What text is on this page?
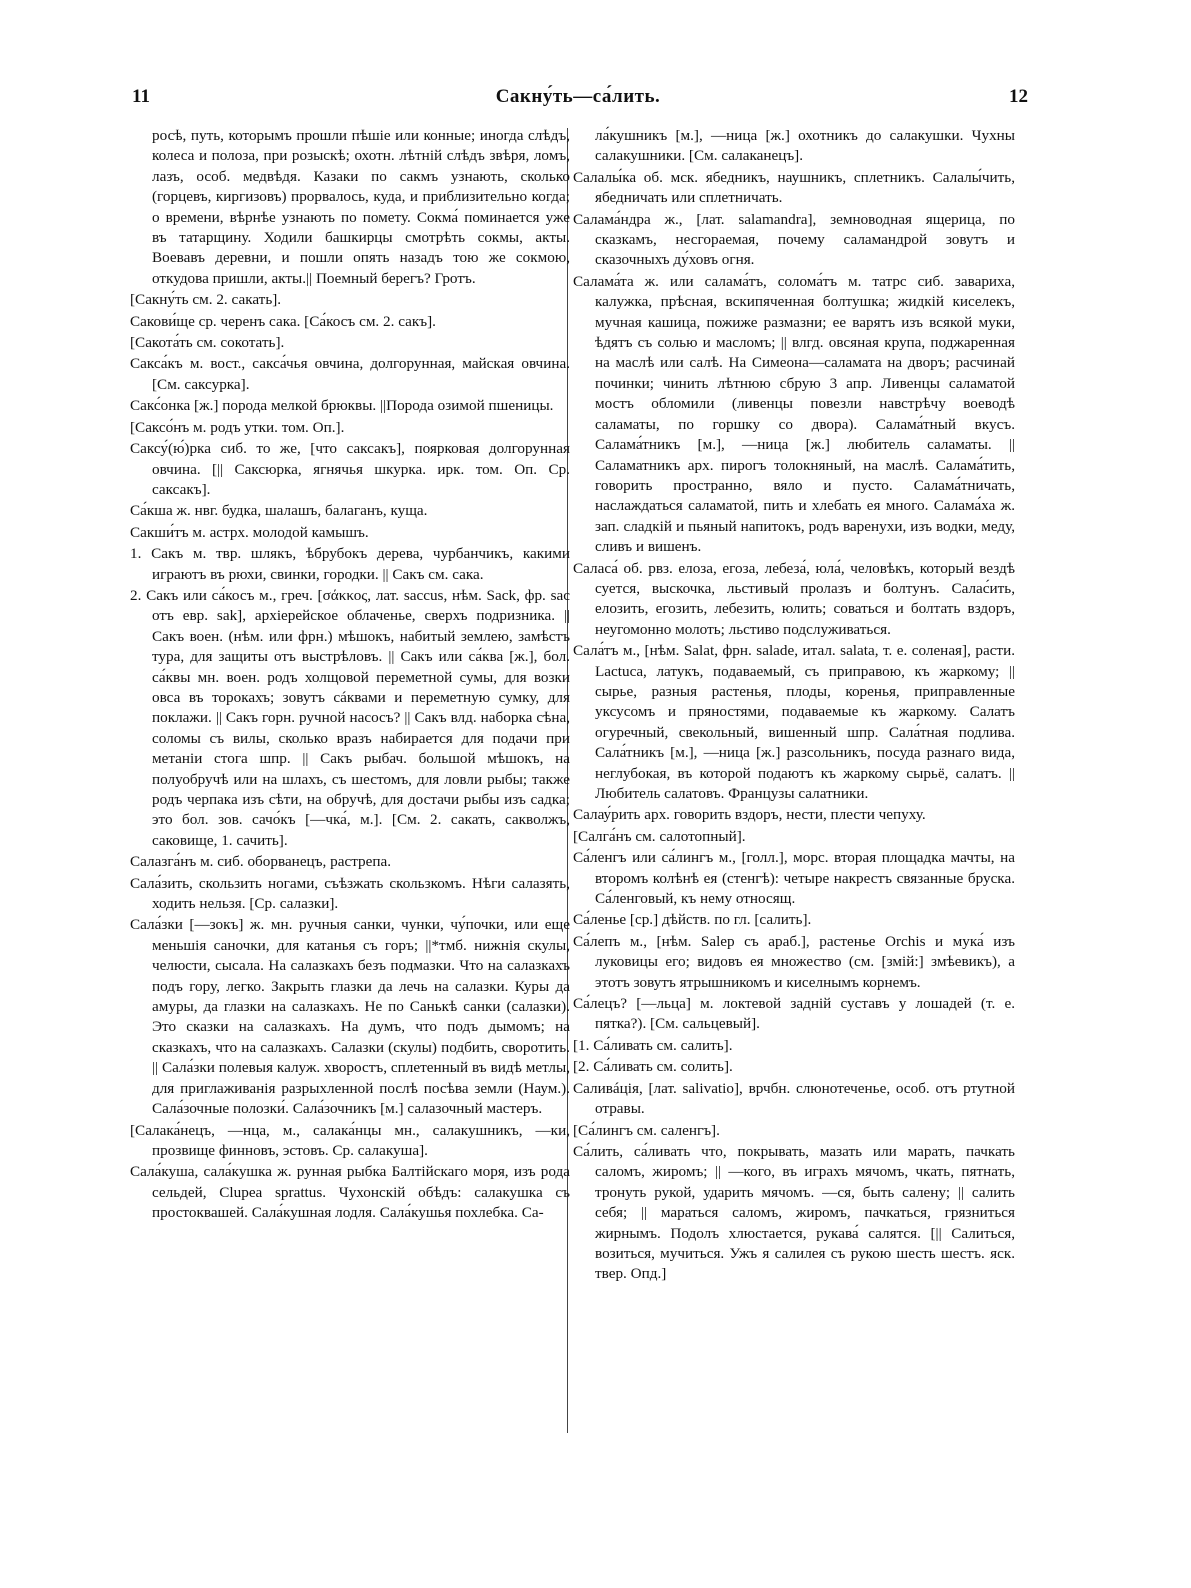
11	Сакну́ть—са́лить.	12

росѣ, путь, которымъ прошли пѣшіе или конные; иногда слѣдъ, колеса и полоза, при розыскѣ; охотн. лѣтній слѣдъ звѣря, ломъ, лазъ, особ. медвѣдя. Казаки по сакмъ узнають, сколько (горцевъ, киргизовъ) прорвалось, куда, и приблизительно когда; о времени, вѣрнѣе узнають по помету. Сокма́ поминается уже въ татарщину. Ходили башкирцы смотрѣть сокмы, акты. Воевавъ деревни, и пошли опять назадъ тою же сокмою, откудова пришли, акты.|| Поемный берегъ? Гротъ.

[Сакну́ть см. 2. сакать].

Сакови́ще ср. черенъ сака. [Са́косъ см. 2. сакъ].

[Сакота́ть см. сокотать].

Сакса́къ м. вост., сакса́чья овчина, долгорунная, майская овчина. [См. саксурка].

Сакс́онка [ж.] порода мелкой брюквы. ||Порода озимой пшеницы.

[Саксо́нъ м. родъ утки. том. Оп.].

Саксу́(ю́)рка сиб. то же, [что саксакъ], поярковая долгорунная овчина. [|| Саксюрка, ягнячья шкурка. ирк. том. Оп. Ср. саксакъ].

Са́кша ж. нвг. будка, шалашъ, балаганъ, куща.

Сакши́тъ м. астрх. молодой камышъ.

1. Сакъ м. твр. шлякъ, ѣбрубокъ дерева, чурбанчикъ, какими играютъ въ рюхи, свинки, городки. || Сакъ см. сака.

2. Сакъ или са́косъ м., греч. [σάκκος, лат. saccus, нѣм. Sack, фр. sac отъ евр. sak], архіерейское облаченье, сверхъ подризника. || Сакъ воен. (нѣм. или фрн.) мѣшокъ, набитый землею, замѣстъ тура, для защиты отъ выстрѣловъ. || Сакъ или са́ква [ж.], бол. са́квы мн. воен. родъ холщовой переметной сумы, для возки овса въ торокахъ; зовутъ сáквами и переметную сумку, для поклажи. || Сакъ горн. ручной насосъ? || Сакъ влд. наборка сѣна, соломы съ вилы, сколько вразъ набирается для подачи при метаніи стога шпр. || Сакъ рыбач. большой мѣшокъ, на полуобручѣ или на шлахъ, съ шестомъ, для ловли рыбы; также родъ черпака изъ сѣти, на обручѣ, для достачи рыбы изъ садка; это бол. зов. сачо́къ [—чка́, м.]. [См. 2. сакать, сакволжъ, саковище, 1. сачить].

Салазга́нъ м. сиб. оборванецъ, растрепа.

Сала́зить, скользить ногами, съѣзжать скользкомъ. Нѣги салазять, ходить нельзя. [Ср. салазки].

Сала́зки [—зокъ] ж. мн. ручныя санки, чунки, чу́почки, или еще меньшія саночки, для катанья съ горъ; ||*тмб. нижнія скулы, челюсти, сысала. На салазкахъ безъ подмазки. Что на салазкахъ подъ гору, легко. Закрыть глазки да лечь на салазки. Куры да амуры, да глазки на салазкахъ. Не по Санькѣ санки (салазки). Это сказки на салазкахъ. На думъ, что подъ дымомъ; на сказкахъ, что на салазкахъ. Салазки (скулы) подбить, своротить. || Сала́зки полевыя калуж. хворостъ, сплетенный въ видѣ метлы, для приглаживанія разрыхленной послѣ посѣва земли (Наум.). Сала́зочные полозки́. Сала́зочникъ [м.] салазочный мастеръ.

[Салака́нецъ, —нца, м., салака́нцы мн., салакушникъ, —ки, прозвище финновъ, эстовъ. Ср. салакуша].

Сала́куша, сала́кушка ж. рунная рыбка Балтійскаго моря, изъ рода сельдей, Clupea sprattus. Чухонскій обѣдъ: салакушка съ простоквашей. Сала́кушная лодля. Сала́кушья похлебка. Са-

ла́кушникъ [м.], —ница [ж.] охотникъ до салакушки. Чухны салакушники. [См. салаканецъ].

Салалы́ка об. мск. ябедникъ, наушникъ, сплетникъ. Салалы́чить, ябедничать или сплетничать.

Салама́ндра ж., [лат. salamandra], земноводная ящерица, по сказкамъ, несгораемая, почему саламандрой зовутъ и сказочныхъ ду́ховъ огня.

Салама́та ж. или салама́тъ, солома́тъ м. татрс сиб. завариха, калужка, прѣсная, вскипяченная болтушка; жидкій киселекъ, мучная кашица, пожиже размазни; ее варятъ изъ всякой муки, ѣдятъ съ солью и масломъ; || влгд. овсяная крупа, поджаренная на маслѣ или салѣ. На Симеона—саламата на дворъ; расчинай починки; чинить лѣтнюю сбрую 3 апр. Ливенцы саламатой мостъ обломили (ливенцы повезли навстрѣчу воеводѣ саламаты, по горшку со двора). Салама́тный вкусъ. Салама́тникъ [м.], —ница [ж.] любитель саламаты. || Саламатникъ арх. пирогъ толокняный, на маслѣ. Салама́тить, говорить пространно, вяло и пусто. Салама́тничать, наслаждаться саламатой, пить и хлебать ея много. Салама́ха ж. зап. сладкій и пьяный напитокъ, родъ варенухи, изъ водки, меду, сливъ и вишенъ.

Саласа́ об. рвз. елоза, егоза, лебеза́, юла́, человѣкъ, который вездѣ суется, выскочка, льстивый пролазъ и болтунъ. Салас́ить, елозить, егозить, лебезить, юлить; соваться и болтать вздоръ, неугомонно молоть; льстиво подслуживаться.

Сала́тъ м., [нѣм. Salat, фрн. salade, итал. salata, т. е. соленая], расти. Lactuca, латукъ, подаваемый, съ приправою, къ жаркому; || сырье, разныя растенья, плоды, коренья, приправленные уксусомъ и пряностями, подаваемые къ жаркому. Салатъ огуречный, свекольный, вишенный шпр. Сала́тная подлива. Сала́тникъ [м.], —ница [ж.] разсольникъ, посуда разнаго вида, неглубокая, въ которой подаютъ къ жаркому сырьё, салатъ. || Любитель салатовъ. Французы салатники.

Салау́рить арх. говорить вздоръ, нести, плести чепуху.

[Салга́нъ см. салотопный].

Са́ленгъ или са́лингъ м., [голл.], морс. вторая площадка мачты, на второмъ колѣнѣ ея (стенгѣ): четыре накрестъ связанные бруска. Са́ленговый, къ нему относящ.

Са́ленье [ср.] дѣйств. по гл. [салить].

Са́лепъ м., [нѣм. Salep съ араб.], растенье Orchis и мука́ изъ луковицы его; видовъ ея множество (см. [змій:] змѣевикъ), а этотъ зовутъ ятрышникомъ и киселнымъ корнемъ.

Са́лецъ? [—льца] м. локтевой задній суставъ у лошадей (т. е. пятка?). [См. сальцевый].

[1. Са́ливать см. салить].

[2. Са́ливать см. солить].

Саливáція, [лат. salivatio], врчбн. слюнотеченье, особ. отъ ртутной отравы.

[Са́лингъ см. саленгъ].

Са́лить, са́ливать что, покрывать, мазать или марать, пачкать саломъ, жиромъ; || —кого, въ играхъ мячомъ, чкать, пятнать, тронуть рукой, ударить мячомъ. —ся, быть салену; || салить себя; || мараться саломъ, жиромъ, пачкаться, грязниться жирнымъ. Подолъ хлюстается, рукава́ салятся. [|| Салиться, возиться, мучиться. Ужъ я салилея съ рукою шесть шестъ. яск. твер. Опд.]
